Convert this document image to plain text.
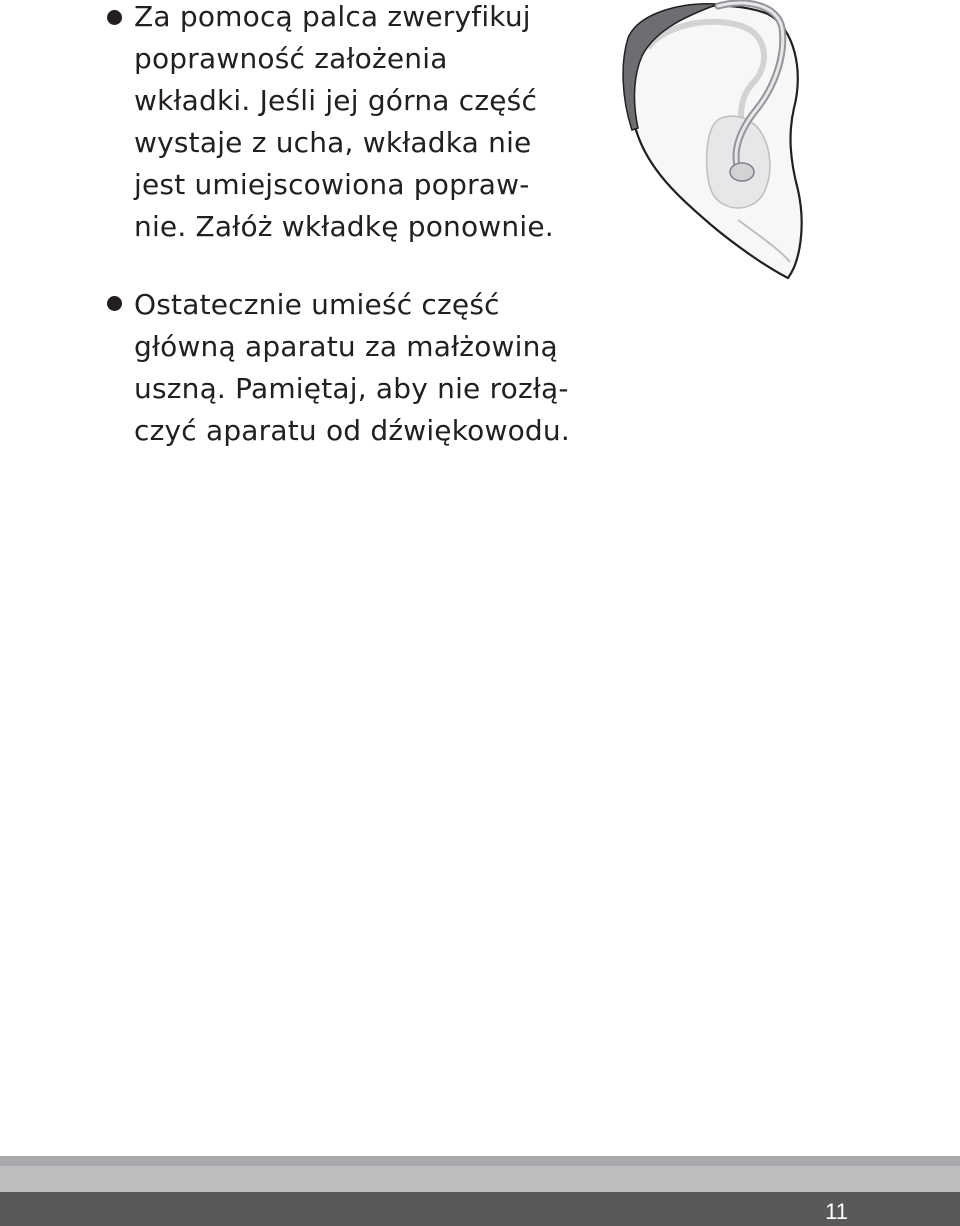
Za pomocą palca zweryfikuj
poprawność założenia
wkładki. Jeśli jej górna część
wystaje z ucha, wkładka nie
jest umiejscowiona popraw-
nie. Załóż wkładkę ponownie.
Ostatecznie umieść część
główną aparatu za małżowiną
uszną. Pamiętaj, aby nie rozłą-
czyć aparatu od dźwiękowodu.
11
